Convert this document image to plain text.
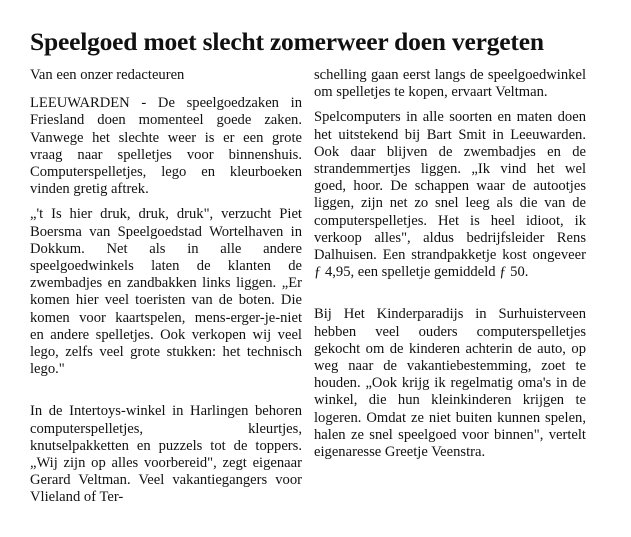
Speelgoed moet slecht zomerweer doen vergeten
Van een onzer redacteuren

LEEUWARDEN - De speelgoedzaken in Friesland doen momenteel goede zaken. Vanwege het slechte weer is er een grote vraag naar spelletjes voor binnenshuis. Computerspelletjes, lego en kleurboeken vinden gretig aftrek.

„'t Is hier druk, druk, druk", verzucht Piet Boersma van Speelgoedstad Wortelhaven in Dokkum. Net als in alle andere speelgoedwinkels laten de klanten de zwembadjes en zandbakken links liggen. „Er komen hier veel toeristen van de boten. Die komen voor kaartspelen, mens-erger-je-niet en andere spelletjes. Ook verkopen wij veel lego, zelfs veel grote stukken: het technisch lego."

In de Intertoys-winkel in Harlingen behoren computerspelletjes, kleurtjes, knutselpakketten en puzzels tot de toppers. „Wij zijn op alles voorbereid", zegt eigenaar Gerard Veltman. Veel vakantiegangers voor Vlieland of Ter-

schelling gaan eerst langs de speelgoedwinkel om spelletjes te kopen, ervaart Veltman.

Spelcomputers in alle soorten en maten doen het uitstekend bij Bart Smit in Leeuwarden. Ook daar blijven de zwembadjes en de strandemmertjes liggen. „Ik vind het wel goed, hoor. De schappen waar de autootjes liggen, zijn net zo snel leeg als die van de computerspelletjes. Het is heel idioot, ik verkoop alles", aldus bedrijfsleider Rens Dalhuisen. Een strandpakketje kost ongeveer ƒ 4,95, een spelletje gemiddeld ƒ 50.

Bij Het Kinderparadijs in Surhuisterveen hebben veel ouders computerspelletjes gekocht om de kinderen achterin de auto, op weg naar de vakantiebestemming, zoet te houden. „Ook krijg ik regelmatig oma's in de winkel, die hun kleinkinderen krijgen te logeren. Omdat ze niet buiten kunnen spelen, halen ze snel speelgoed voor binnen", vertelt eigenaresse Greetje Veenstra.
